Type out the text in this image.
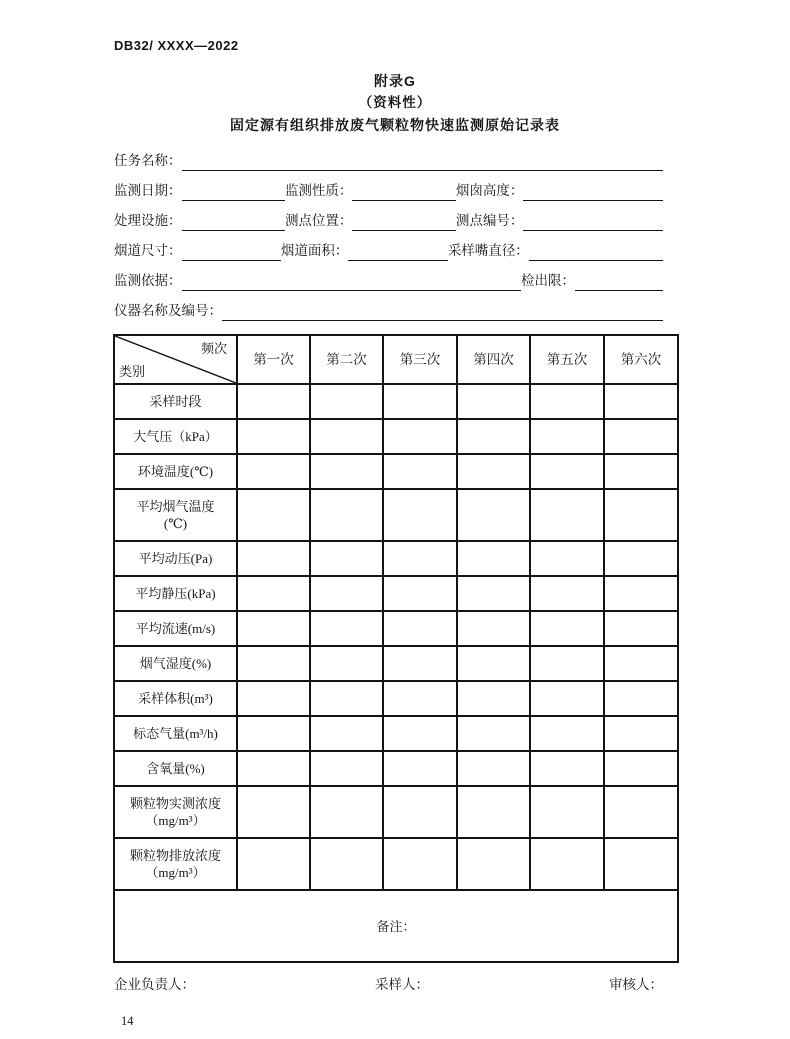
DB32/ XXXX—2022
附录G
（资料性）
固定源有组织排放废气颗粒物快速监测原始记录表
任务名称：
监测日期：	监测性质：	烟囱高度：
处理设施：	测点位置：	测点编号：
烟道尺寸：	烟道面积：	采样嘴直径：
监测依据：	检出限：
仪器名称及编号：
频次
类别	第一次	第二次	第三次	第四次	第五次	第六次

采样时段						

大气压（kPa）						

环境温度(℃)						

平均烟气温度
(℃)						

平均动压(Pa)						

平均静压(kPa)						

平均流速(m/s)						

烟气湿度(%)						

采样体积(m³)						

标态气量(m³/h)						

含氧量(%)						

颗粒物实测浓度
（mg/m³）						

颗粒物排放浓度
（mg/m³）						

备注：						
企业负责人：	采样人：	审核人：
14
